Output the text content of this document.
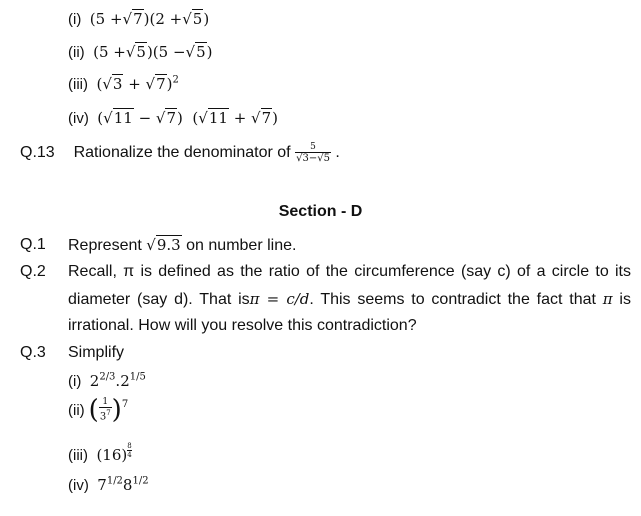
(i) (5 +√7)(2 +√5)
(ii) (5 +√5)(5 −√5)
(iii) $(√3 + √7)^2$
(iv) (√11 − √7)  (√11 + √7)
Q.13 Rationalize the denominator of $\frac{5}{√3-√5}$ .
Section - D
Q.1 Represent √9.3 on number line.
Q.2 Recall, π is defined as the ratio of the circumference (say c) of a circle to its
diameter (say d). That isπ = c/d. This seems to contradict the fact that π is
irrational. How will you resolve this contradiction?
Q.3 Simplify
(i) $2^{2/3}.2^{1/5}$
(ii) ( $\frac{1}{3^7} )^7$
(iii) $(16) \frac{8}{4}$
(iv) $7^{1/2}8^{1/2}$
